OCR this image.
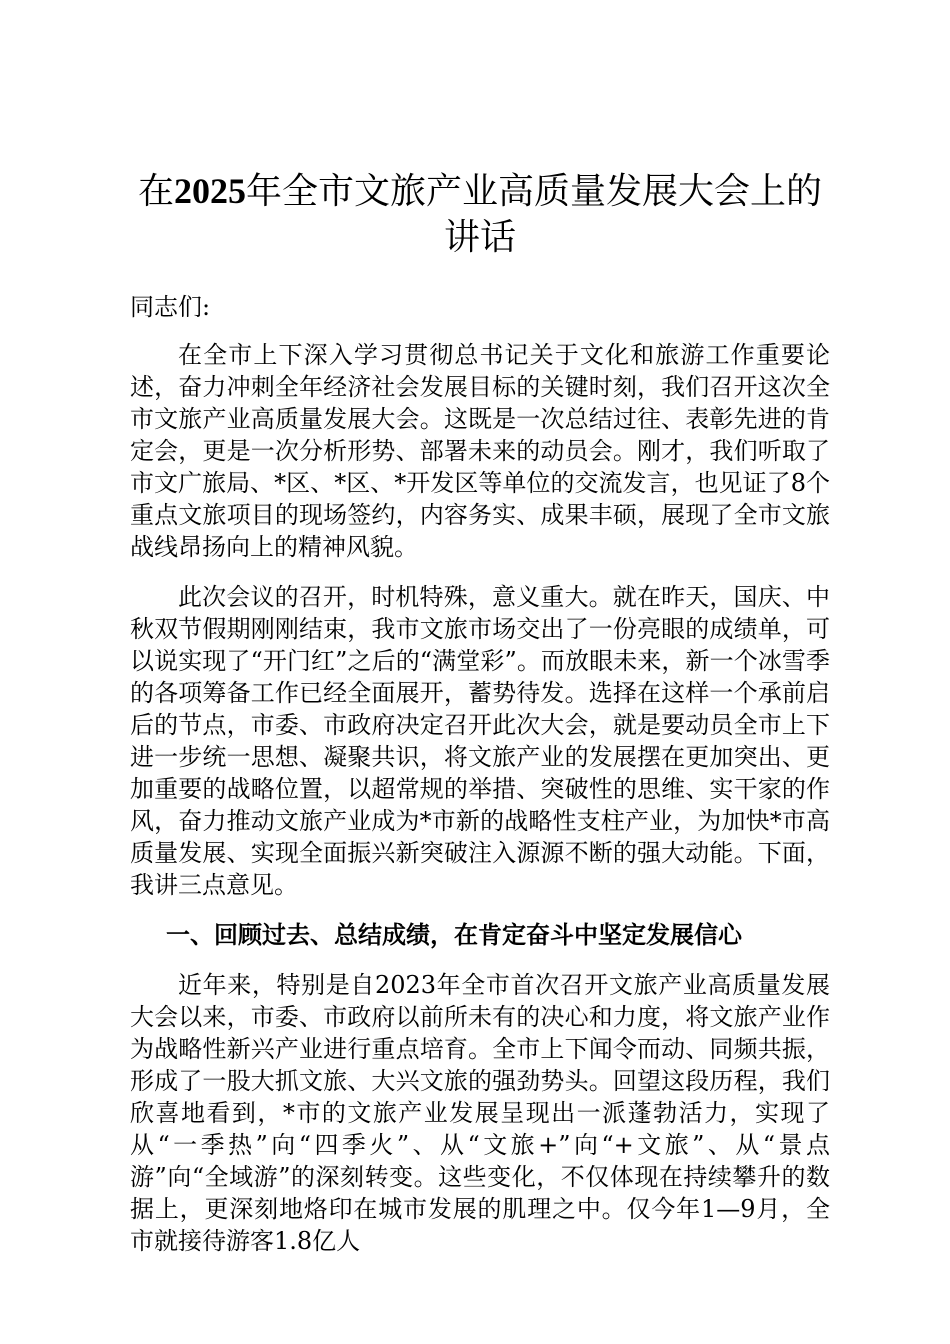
在2025年全市文旅产业高质量发展大会上的讲话

同志们:

在全市上下深入学习贯彻总书记关于文化和旅游工作重要论述，奋力冲刺全年经济社会发展目标的关键时刻，我们召开这次全市文旅产业高质量发展大会。这既是一次总结过往、表彰先进的肯定会，更是一次分析形势、部署未来的动员会。刚才，我们听取了市文广旅局、*区、*区、*开发区等单位的交流发言，也见证了8个重点文旅项目的现场签约，内容务实、成果丰硕，展现了全市文旅战线昂扬向上的精神风貌。

此次会议的召开，时机特殊，意义重大。就在昨天，国庆、中秋双节假期刚刚结束，我市文旅市场交出了一份亮眼的成绩单，可以说实现了“开门红”之后的“满堂彩”。而放眼未来，新一个冰雪季的各项筹备工作已经全面展开，蓄势待发。选择在这样一个承前启后的节点，市委、市政府决定召开此次大会，就是要动员全市上下进一步统一思想、凝聚共识，将文旅产业的发展摆在更加突出、更加重要的战略位置，以超常规的举措、突破性的思维、实干家的作风，奋力推动文旅产业成为*市新的战略性支柱产业，为加快*市高质量发展、实现全面振兴新突破注入源源不断的强大动能。下面，我讲三点意见。

一、回顾过去、总结成绩，在肯定奋斗中坚定发展信心

近年来，特别是自2023年全市首次召开文旅产业高质量发展大会以来，市委、市政府以前所未有的决心和力度，将文旅产业作为战略性新兴产业进行重点培育。全市上下闻令而动、同频共振，形成了一股大抓文旅、大兴文旅的强劲势头。回望这段历程，我们欣喜地看到，*市的文旅产业发展呈现出一派蓬勃活力，实现了从“一季热”向“四季火”、从“文旅+”向“+文旅”、从“景点游”向“全域游”的深刻转变。这些变化，不仅体现在持续攀升的数据上，更深刻地烙印在城市发展的肌理之中。仅今年1—9月，全市就接待游客1.8亿人
